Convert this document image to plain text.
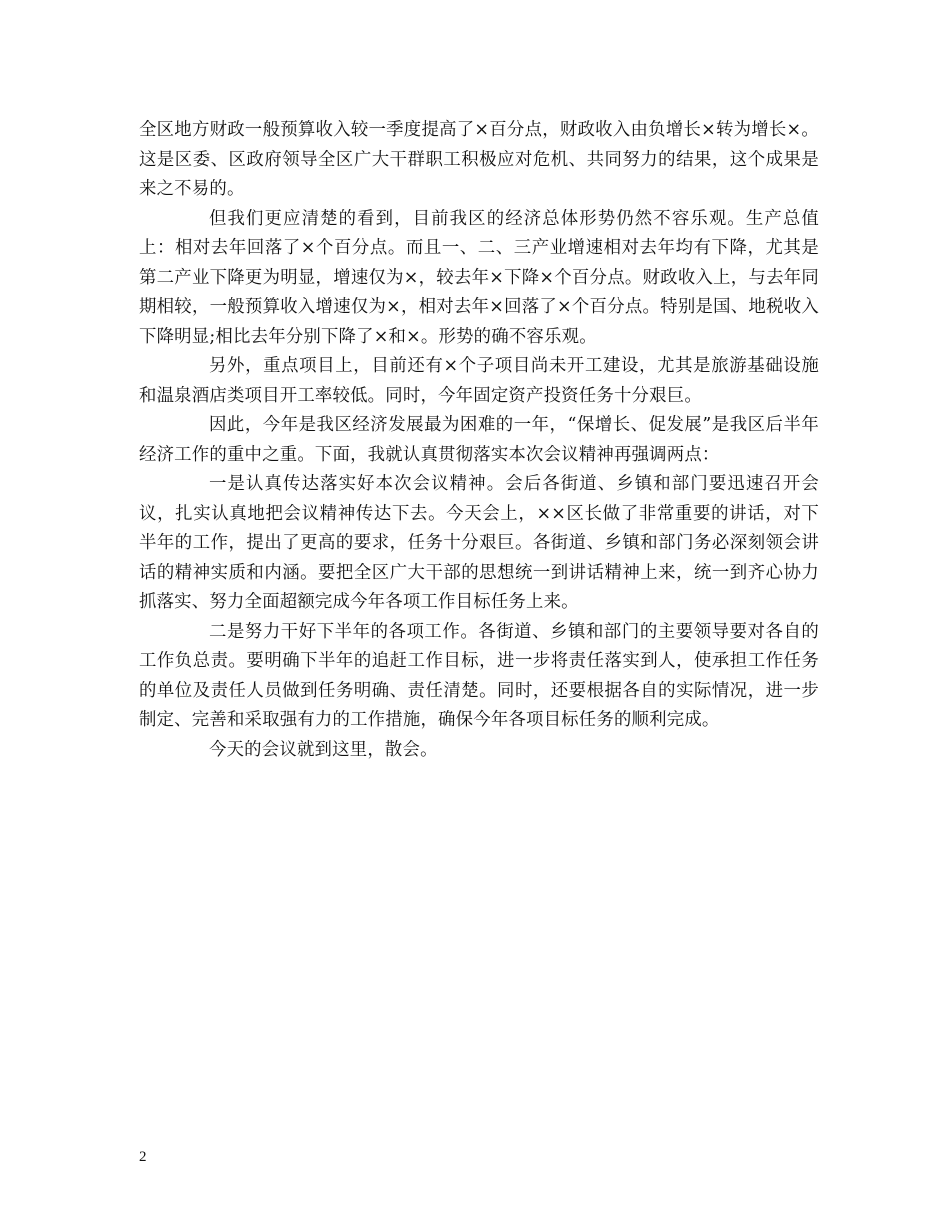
全区地方财政一般预算收入较一季度提高了×百分点，财政收入由负增长×转为增长×。这是区委、区政府领导全区广大干群职工积极应对危机、共同努力的结果，这个成果是来之不易的。

但我们更应清楚的看到，目前我区的经济总体形势仍然不容乐观。生产总值上：相对去年回落了×个百分点。而且一、二、三产业增速相对去年均有下降，尤其是第二产业下降更为明显，增速仅为×，较去年×下降×个百分点。财政收入上，与去年同期相较，一般预算收入增速仅为×，相对去年×回落了×个百分点。特别是国、地税收入下降明显;相比去年分别下降了×和×。形势的确不容乐观。

另外，重点项目上，目前还有×个子项目尚未开工建设，尤其是旅游基础设施和温泉酒店类项目开工率较低。同时，今年固定资产投资任务十分艰巨。

因此，今年是我区经济发展最为困难的一年，“保增长、促发展”是我区后半年经济工作的重中之重。下面，我就认真贯彻落实本次会议精神再强调两点：

一是认真传达落实好本次会议精神。会后各街道、乡镇和部门要迅速召开会议，扎实认真地把会议精神传达下去。今天会上，××区长做了非常重要的讲话，对下半年的工作，提出了更高的要求，任务十分艰巨。各街道、乡镇和部门务必深刻领会讲话的精神实质和内涵。要把全区广大干部的思想统一到讲话精神上来，统一到齐心协力抓落实、努力全面超额完成今年各项工作目标任务上来。

二是努力干好下半年的各项工作。各街道、乡镇和部门的主要领导要对各自的工作负总责。要明确下半年的追赶工作目标，进一步将责任落实到人，使承担工作任务的单位及责任人员做到任务明确、责任清楚。同时，还要根据各自的实际情况，进一步制定、完善和采取强有力的工作措施，确保今年各项目标任务的顺利完成。

今天的会议就到这里，散会。

2
